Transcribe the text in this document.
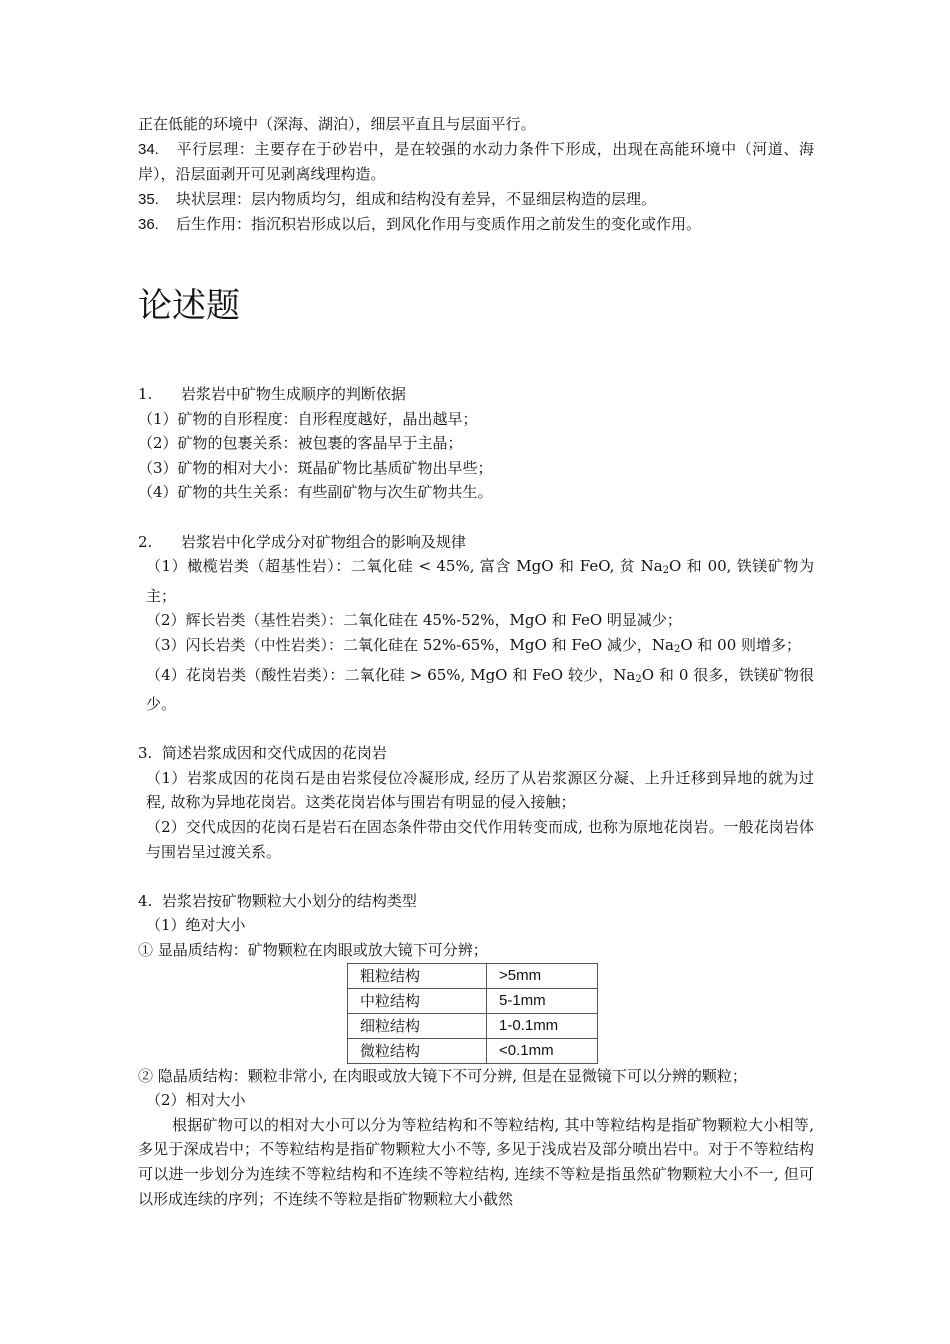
正在低能的环境中（深海、湖泊），细层平直且与层面平行。

34. 平行层理：主要存在于砂岩中，是在较强的水动力条件下形成，出现在高能环境中（河道、海岸），沿层面剥开可见剥离线理构造。

35. 块状层理：层内物质均匀，组成和结构没有差异，不显细层构造的层理。

36. 后生作用：指沉积岩形成以后，到风化作用与变质作用之前发生的变化或作用。

论述题

1.      岩浆岩中矿物生成顺序的判断依据

（1）矿物的自形程度：自形程度越好，晶出越早；

（2）矿物的包裹关系：被包裹的客晶早于主晶；

（3）矿物的相对大小：斑晶矿物比基质矿物出早些；

（4）矿物的共生关系：有些副矿物与次生矿物共生。

2.      岩浆岩中化学成分对矿物组合的影响及规律

（1）橄榄岩类（超基性岩）：二氧化硅 < 45%, 富含 MgO 和 FeO, 贫 $Na_2O$ 和 00, 铁镁矿物为主；

（2）辉长岩类（基性岩类）：二氧化硅在 45%-52%，MgO 和 FeO 明显减少；

（3）闪长岩类（中性岩类）：二氧化硅在 52%-65%，MgO 和 FeO 减少，$Na_2O$ 和 00 则增多；

（4）花岗岩类（酸性岩类）：二氧化硅 > 65%, MgO 和 FeO 较少，$Na_2O$ 和 0 很多，铁镁矿物很少。

3.  简述岩浆成因和交代成因的花岗岩

（1）岩浆成因的花岗石是由岩浆侵位冷凝形成, 经历了从岩浆源区分凝、上升迁移到异地的就为过程, 故称为异地花岗岩。这类花岗岩体与围岩有明显的侵入接触；

（2）交代成因的花岗石是岩石在固态条件带由交代作用转变而成, 也称为原地花岗岩。一般花岗岩体与围岩呈过渡关系。

4.  岩浆岩按矿物颗粒大小划分的结构类型

（1）绝对大小

① 显晶质结构：矿物颗粒在肉眼或放大镜下可分辨；

粗粒结构	>5mm
中粒结构	5-1mm
细粒结构	1-0.1mm
微粒结构	<0.1mm

② 隐晶质结构：颗粒非常小, 在肉眼或放大镜下不可分辨, 但是在显微镜下可以分辨的颗粒；

（2）相对大小

根据矿物可以的相对大小可以分为等粒结构和不等粒结构, 其中等粒结构是指矿物颗粒大小相等, 多见于深成岩中；不等粒结构是指矿物颗粒大小不等, 多见于浅成岩及部分喷出岩中。对于不等粒结构可以进一步划分为连续不等粒结构和不连续不等粒结构, 连续不等粒是指虽然矿物颗粒大小不一, 但可以形成连续的序列；不连续不等粒是指矿物颗粒大小截然
